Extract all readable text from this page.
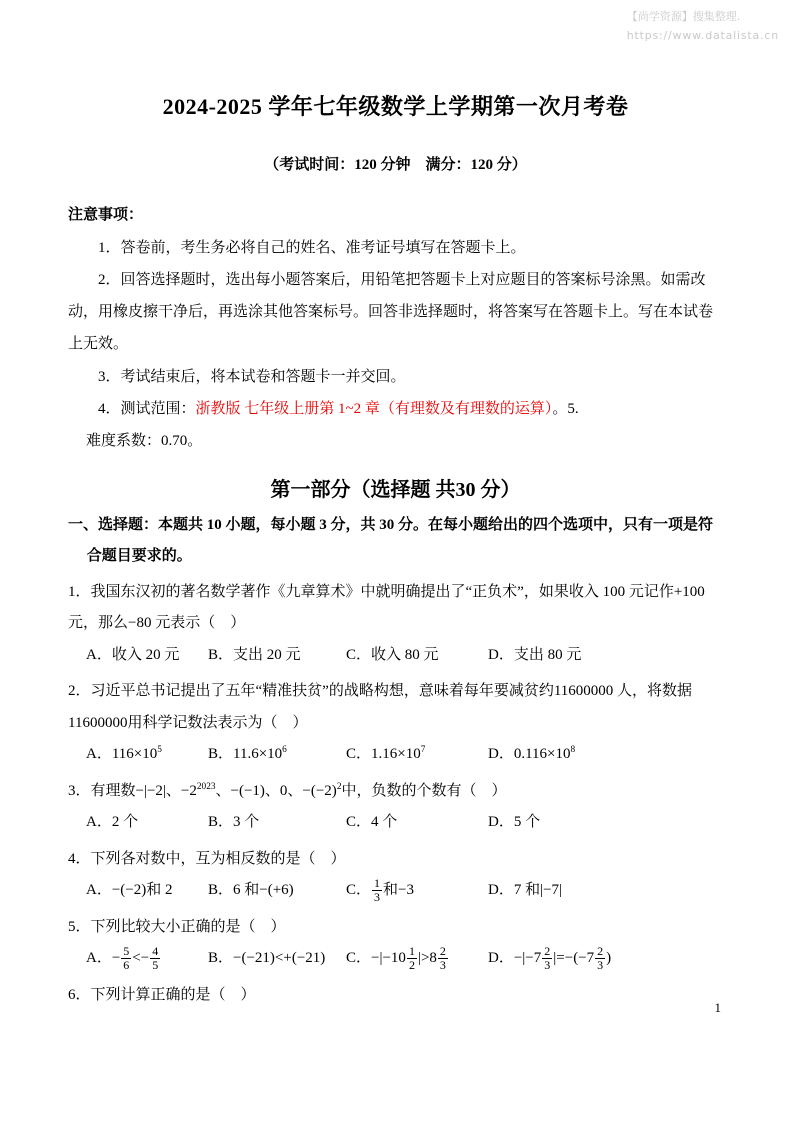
【尚学资源】搜集整理.
https://www.datalista.cn
2024-2025 学年七年级数学上学期第一次月考卷
（考试时间：120 分钟　满分：120 分）
注意事项：

1．答卷前，考生务必将自己的姓名、准考证号填写在答题卡上。

2．回答选择题时，选出每小题答案后，用铅笔把答题卡上对应题目的答案标号涂黑。如需改动，用橡皮擦干净后，再选涂其他答案标号。回答非选择题时，将答案写在答题卡上。写在本试卷上无效。

3．考试结束后，将本试卷和答题卡一并交回。

4．测试范围：浙教版 七年级上册第 1~2 章（有理数及有理数的运算）。5.

难度系数：0.70。

第一部分（选择题 共30 分）

一、选择题：本题共 10 小题，每小题 3 分，共 30 分。在每小题给出的四个选项中，只有一项是符合题目要求的。

1．我国东汉初的著名数学著作《九章算术》中就明确提出了“正负术”，如果收入 100 元记作+100 元，那么−80 元表示（　）

A．收入 20 元	B．支出 20 元	C．收入 80 元	D．支出 80 元

2．习近平总书记提出了五年“精准扶贫”的战略构想，意味着每年要减贫约11600000 人，将数据11600000用科学记数法表示为（　）

A．$116\times 10^5$	B．$11.6\times 10^6$	C．$1.16\times 10^7$	D．$0.116\times 10^8$

3．有理数−|−2|、$-2^{2023}$、−(−1)、0、$-(-2)^2$中，负数的个数有（　）

A．2 个	B．3 个	C．4 个	D．5 个

4．下列各对数中，互为相反数的是（　）

A．−(−2)和 2	B．6 和−(+6)	C． $\frac{1}{3}$ 和−3	D．7 和|−7|

5．下列比较大小正确的是（　）

A．− $\frac{5}{6} <- \frac{4}{5}$	B．−(−21)<+(−21)	C．$-|-10 \frac{1}{2} |>8 \frac{2}{3}$	D．$-|-7 \frac{2}{3} |=-(-7 \frac{2}{3}$ )

6．下列计算正确的是（　）

1
